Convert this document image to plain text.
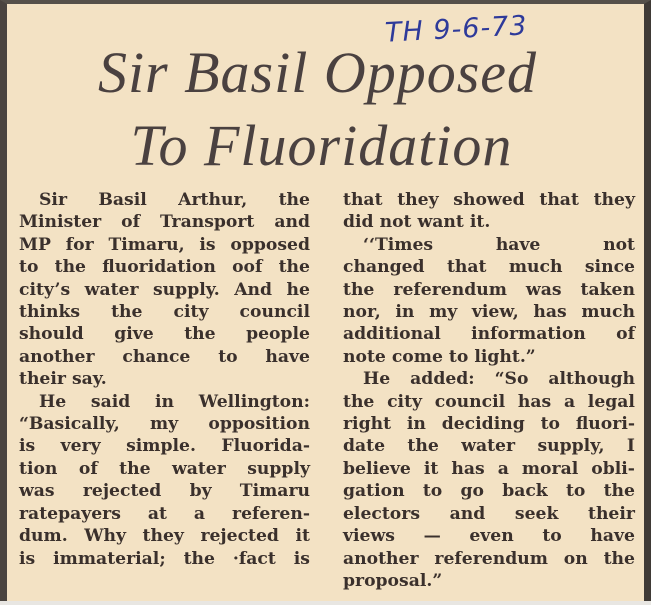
TH 9-6-73
Sir Basil Opposed
To Fluoridation
Sir Basil Arthur, the
Minister of Transport and
MP for Timaru, is opposed
to the fluoridation oof the
city’s water supply. And he
thinks the city council
should give the people
another chance to have
their say.
He said in Wellington:
“Basically, my opposition
is very simple. Fluorida-
tion of the water supply
was rejected by Timaru
ratepayers at a referen-
dum. Why they rejected it
is immaterial; the ·fact is
that they showed that they
did not want it.
‘‘Times	have	not
changed that much since
the referendum was taken
nor, in my view, has much
additional information of
note come to light.”
He added: “So although
the city council has a legal
right in deciding to fluori-
date the water supply, I
believe it has a moral obli-
gation to go back to the
electors and seek their
views — even to have
another referendum on the
proposal.”
